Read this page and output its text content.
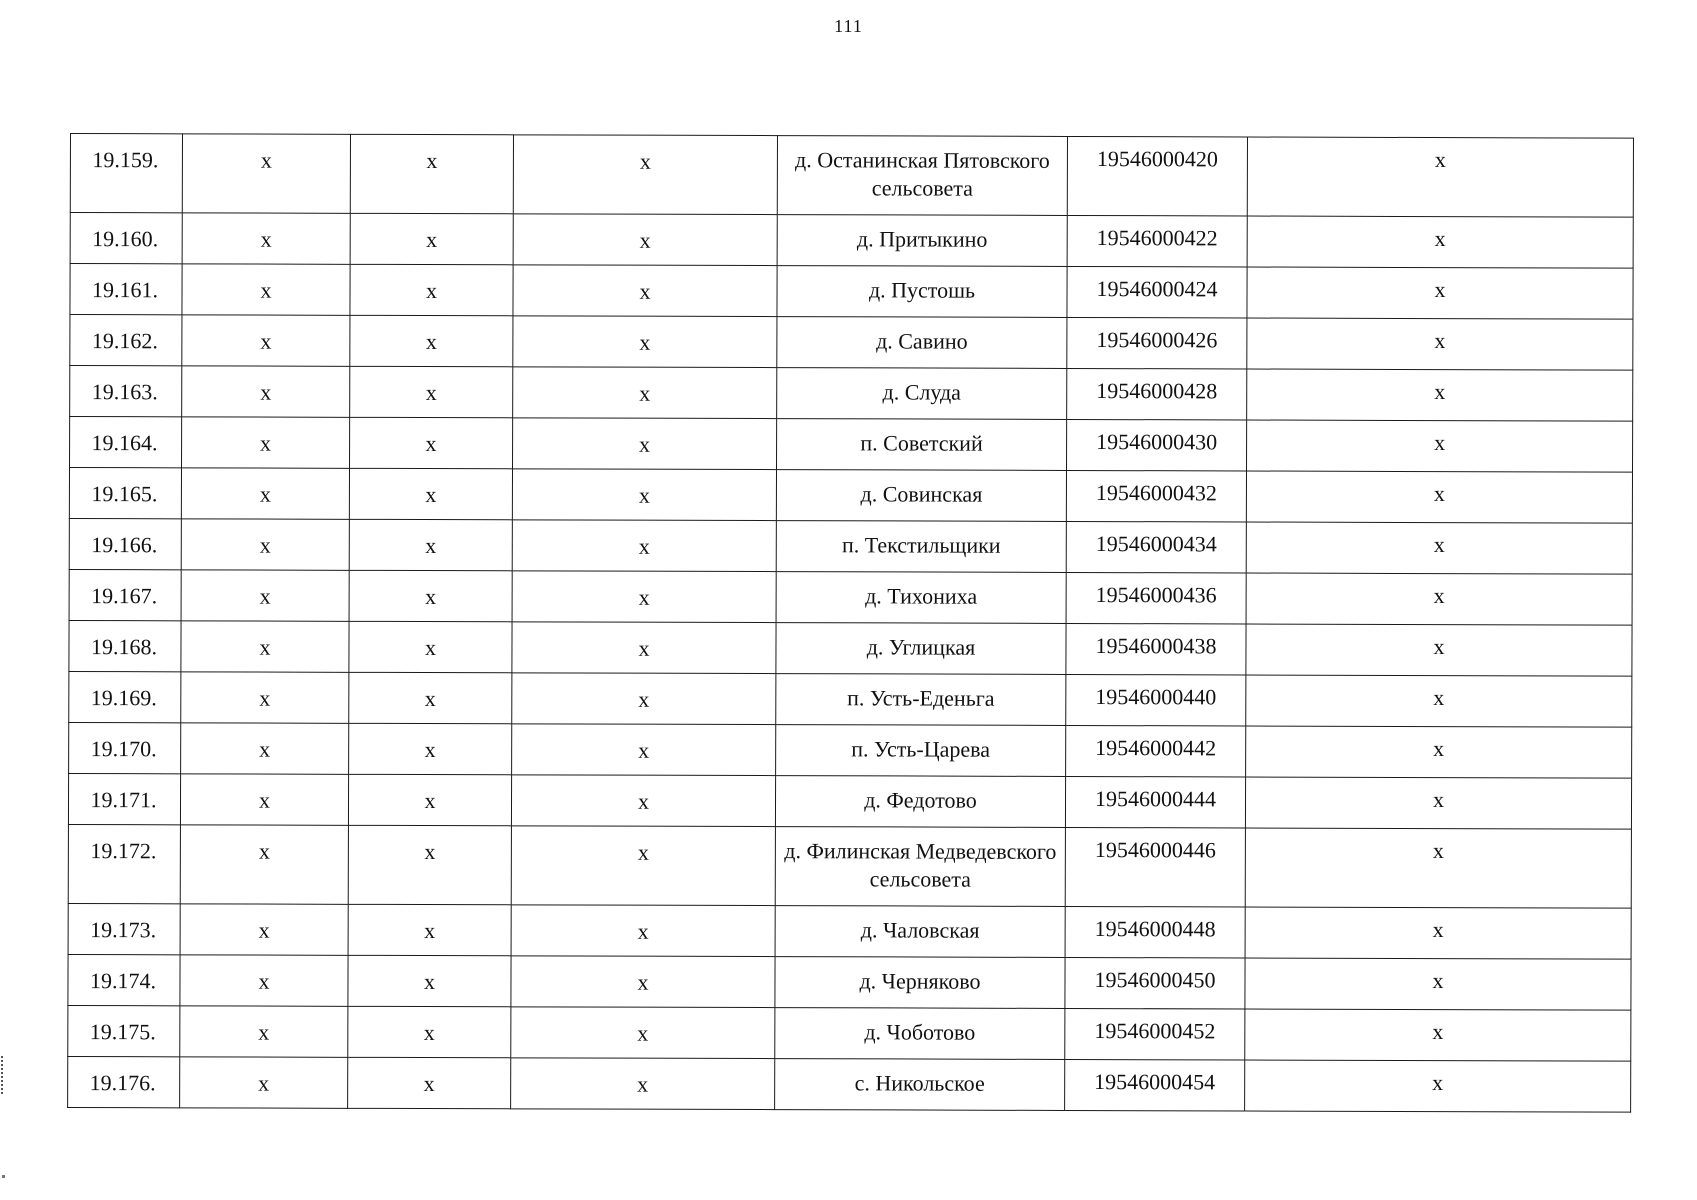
111
19.159.	х	х	х	д. Останинская Пятовского сельсовета	19546000420	х
19.160.	х	х	х	д. Притыкино	19546000422	х
19.161.	х	х	х	д. Пустошь	19546000424	х
19.162.	х	х	х	д. Савино	19546000426	х
19.163.	х	х	х	д. Слуда	19546000428	х
19.164.	х	х	х	п. Советский	19546000430	х
19.165.	х	х	х	д. Совинская	19546000432	х
19.166.	х	х	х	п. Текстильщики	19546000434	х
19.167.	х	х	х	д. Тихониха	19546000436	х
19.168.	х	х	х	д. Углицкая	19546000438	х
19.169.	х	х	х	п. Усть-Еденьга	19546000440	х
19.170.	х	х	х	п. Усть-Царева	19546000442	х
19.171.	х	х	х	д. Федотово	19546000444	х
19.172.	х	х	х	д. Филинская Медведевского сельсовета	19546000446	х
19.173.	х	х	х	д. Чаловская	19546000448	х
19.174.	х	х	х	д. Черняково	19546000450	х
19.175.	х	х	х	д. Чоботово	19546000452	х
19.176.	х	х	х	с. Никольское	19546000454	х
